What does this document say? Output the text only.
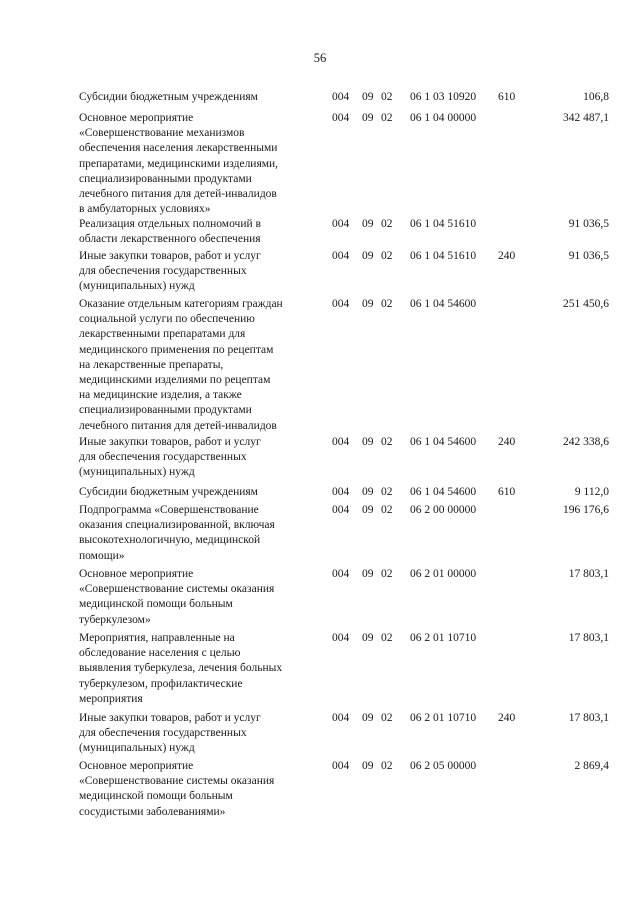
56
Субсидии бюджетным учреждениям	004 09 02 06 1 03 10920 610	106,8
Основное мероприятие
«Совершенствование механизмов
обеспечения населения лекарственными
препаратами, медицинскими изделиями,
специализированными продуктами
лечебного питания для детей-инвалидов
в амбулаторных условиях»
004 09 02 06 1 04 00000	342 487,1
Реализация отдельных полномочий в
области лекарственного обеспечения
004 09 02 06 1 04 51610	91 036,5
Иные закупки товаров, работ и услуг
для обеспечения государственных
(муниципальных) нужд
004 09 02 06 1 04 51610 240	91 036,5
Оказание отдельным категориям граждан
социальной услуги по обеспечению
лекарственными препаратами для
медицинского применения по рецептам
на лекарственные препараты,
медицинскими изделиями по рецептам
на медицинские изделия, а также
специализированными продуктами
лечебного питания для детей-инвалидов
004 09 02 06 1 04 54600	251 450,6
Иные закупки товаров, работ и услуг
для обеспечения государственных
(муниципальных) нужд
004 09 02 06 1 04 54600 240	242 338,6
Субсидии бюджетным учреждениям	004 09 02 06 1 04 54600 610	9 112,0
Подпрограмма «Совершенствование
оказания специализированной, включая
высокотехнологичную, медицинской
помощи»
004 09 02 06 2 00 00000	196 176,6
Основное мероприятие
«Совершенствование системы оказания
медицинской помощи больным
туберкулезом»
004 09 02 06 2 01 00000	17 803,1
Мероприятия, направленные на
обследование населения с целью
выявления туберкулеза, лечения больных
туберкулезом, профилактические
мероприятия
004 09 02 06 2 01 10710	17 803,1
Иные закупки товаров, работ и услуг
для обеспечения государственных
(муниципальных) нужд
004 09 02 06 2 01 10710 240	17 803,1
Основное мероприятие
«Совершенствование системы оказания
медицинской помощи больным
сосудистыми заболеваниями»
004 09 02 06 2 05 00000	2 869,4
